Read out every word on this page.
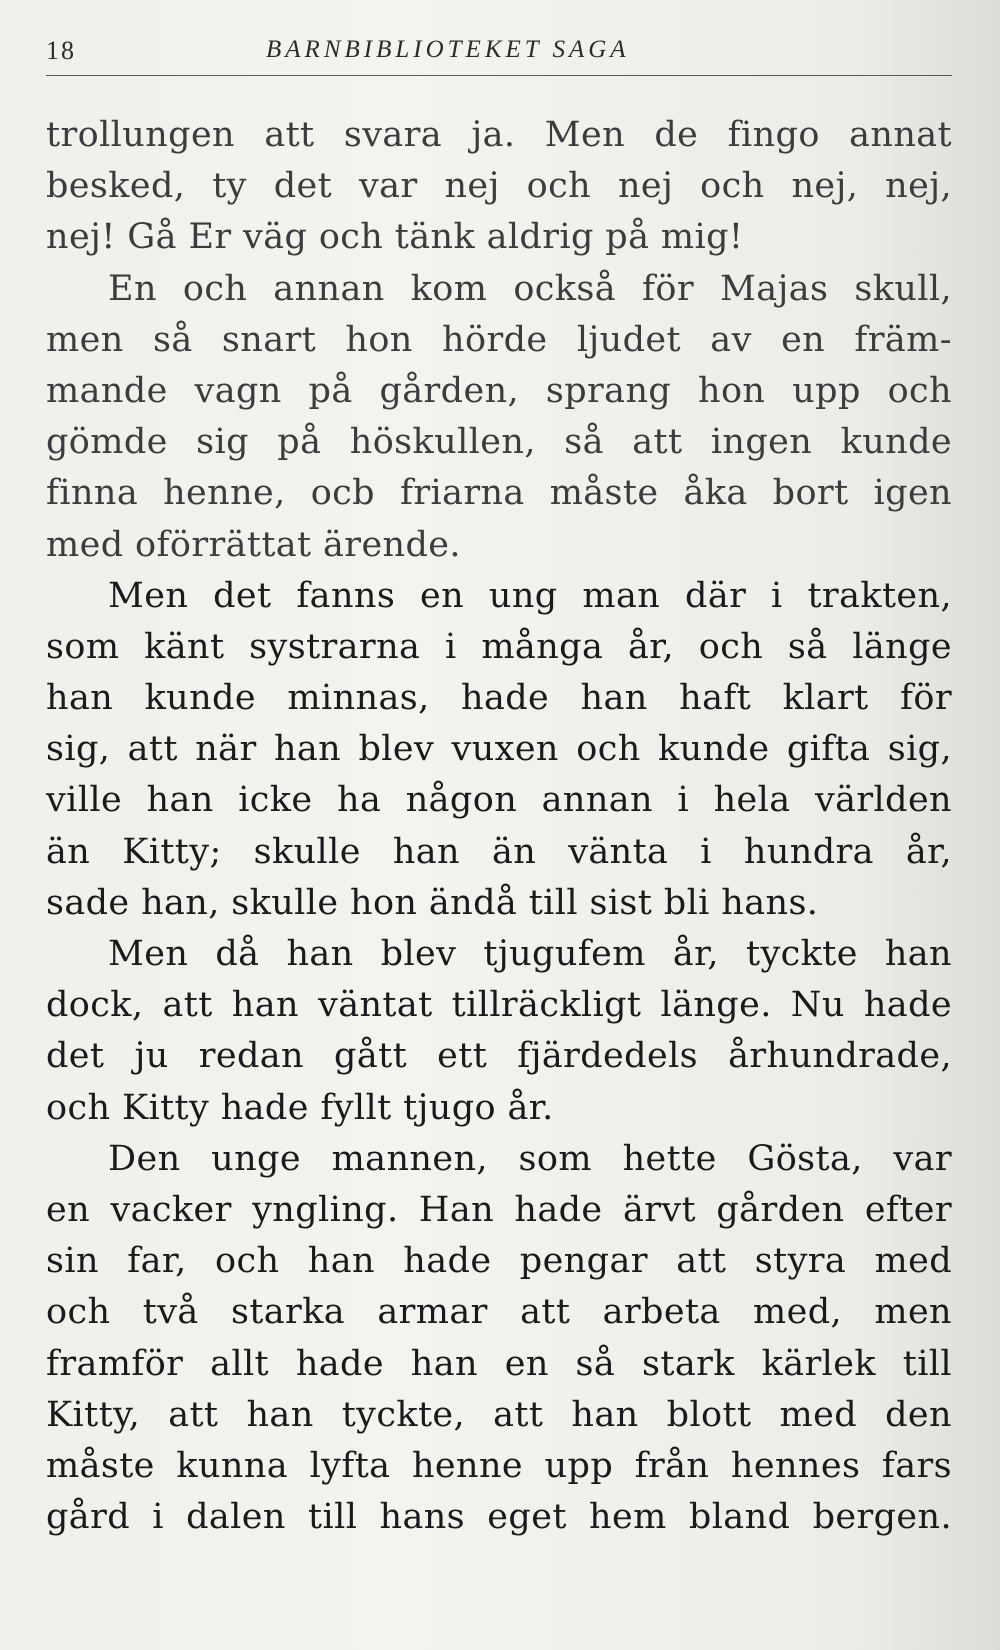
18	BARNBIBLIOTEKET SAGA
trollungen att svara ja. Men de fingo annat
besked, ty det var nej och nej och nej, nej,
nej! Gå Er väg och tänk aldrig på mig!
En och annan kom också för Majas skull,
men så snart hon hörde ljudet av en främ-
mande vagn på gården, sprang hon upp och
gömde sig på höskullen, så att ingen kunde
finna henne, ocb friarna måste åka bort igen
med oförrättat ärende.
Men det fanns en ung man där i trakten,
som känt systrarna i många år, och så länge
han kunde minnas, hade han haft klart för
sig, att när han blev vuxen och kunde gifta sig,
ville han icke ha någon annan i hela världen
än Kitty; skulle han än vänta i hundra år,
sade han, skulle hon ändå till sist bli hans.
Men då han blev tjugufem år, tyckte han
dock, att han väntat tillräckligt länge. Nu hade
det ju redan gått ett fjärdedels århundrade,
och Kitty hade fyllt tjugo år.
Den unge mannen, som hette Gösta, var
en vacker yngling. Han hade ärvt gården efter
sin far, och han hade pengar att styra med
och två starka armar att arbeta med, men
framför allt hade han en så stark kärlek till
Kitty, att han tyckte, att han blott med den
måste kunna lyfta henne upp från hennes fars
gård i dalen till hans eget hem bland bergen.
